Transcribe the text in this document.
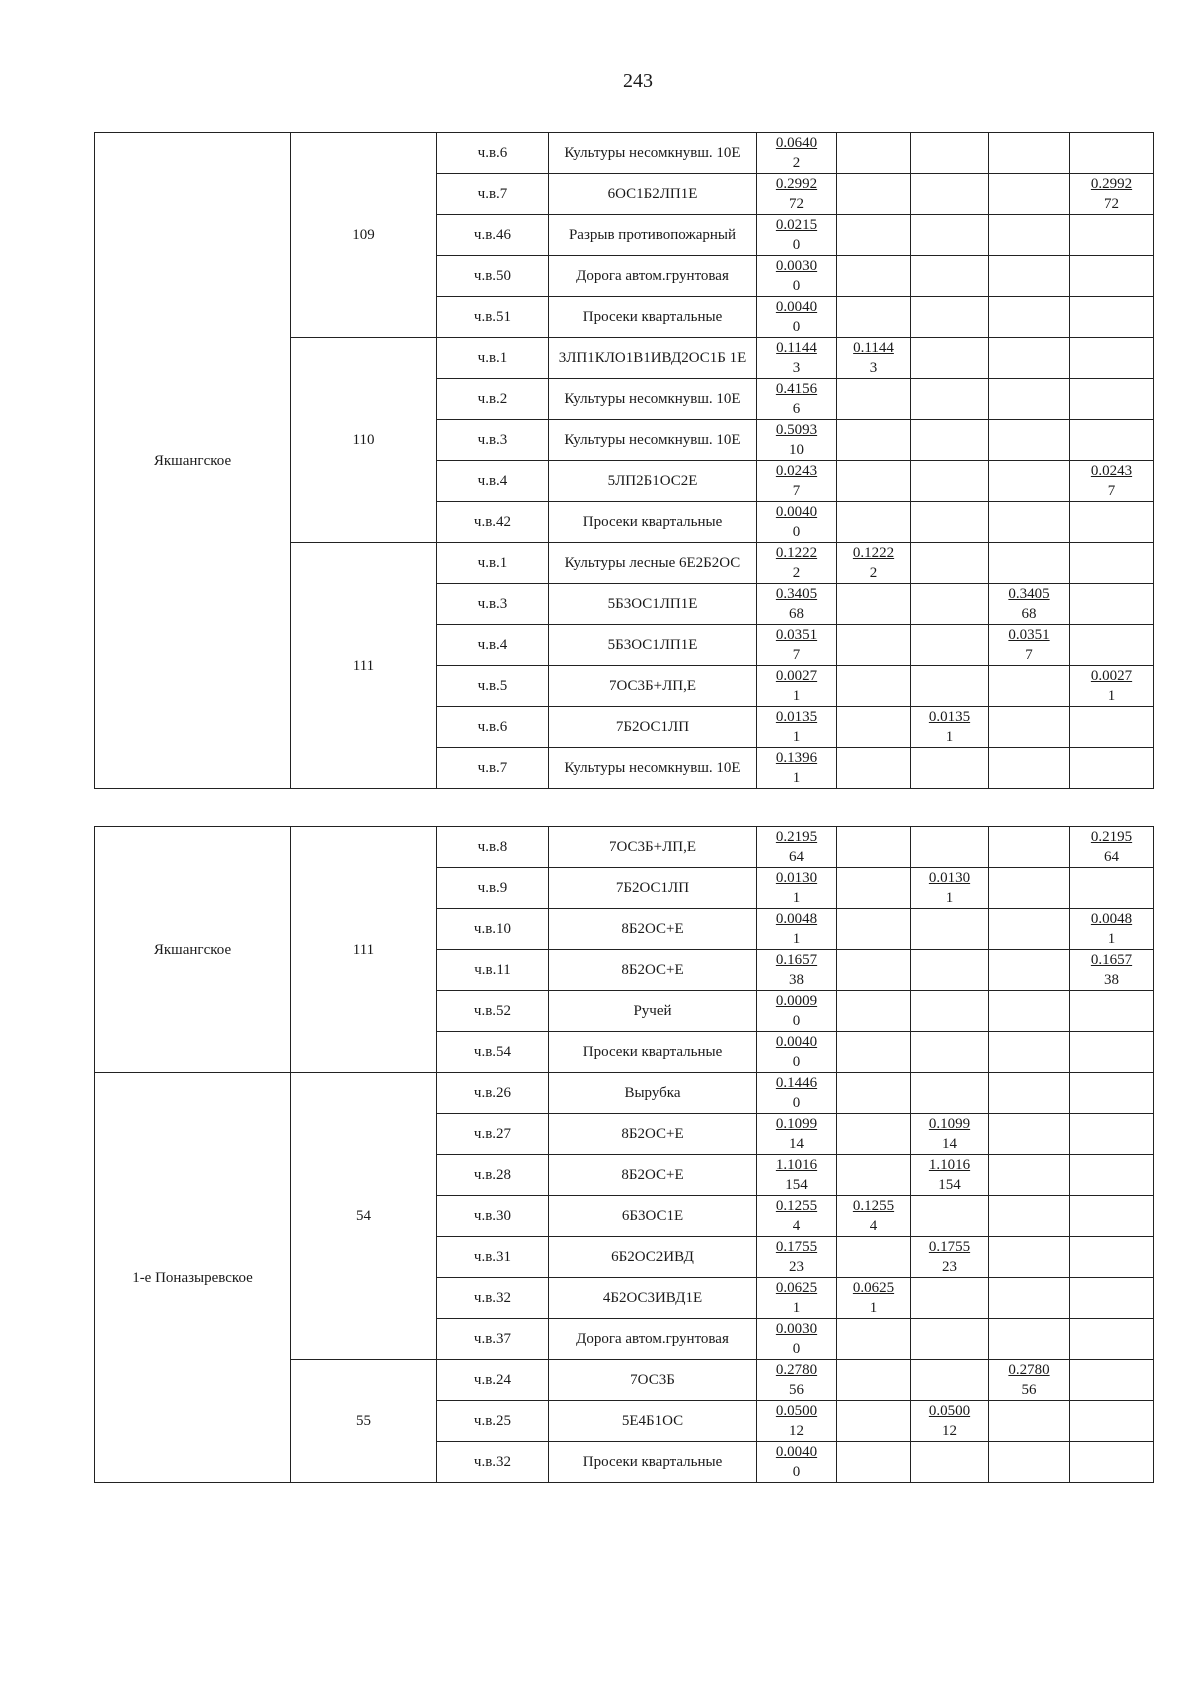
243
Якшангское	109	ч.в.6	Культуры несомкнувш. 10Е	$\frac{0.0640}{2}$

		ч.в.7	6ОС1Б2ЛП1Е	$\frac{0.2992}{72}$				$\frac{0.2992}{72}$

		ч.в.46	Разрыв противопожарный	$\frac{0.0215}{0}$

		ч.в.50	Дорога автом.грунтовая	$\frac{0.0030}{0}$

		ч.в.51	Просеки квартальные	$\frac{0.0040}{0}$

	110	ч.в.1	3ЛП1КЛО1В1ИВД2ОС1Б 1Е	$\frac{0.1144}{3}$	$\frac{0.1144}{3}$

		ч.в.2	Культуры несомкнувш. 10Е	$\frac{0.4156}{6}$

		ч.в.3	Культуры несомкнувш. 10Е	$\frac{0.5093}{10}$

		ч.в.4	5ЛП2Б1ОС2Е	$\frac{0.0243}{7}$				$\frac{0.0243}{7}$

		ч.в.42	Просеки квартальные	$\frac{0.0040}{0}$

	111	ч.в.1	Культуры лесные 6Е2Б2ОС	$\frac{0.1222}{2}$	$\frac{0.1222}{2}$

		ч.в.3	5Б3ОС1ЛП1Е	$\frac{0.3405}{68}$			$\frac{0.3405}{68}$

		ч.в.4	5Б3ОС1ЛП1Е	$\frac{0.0351}{7}$			$\frac{0.0351}{7}$

		ч.в.5	7ОС3Б+ЛП,Е	$\frac{0.0027}{1}$				$\frac{0.0027}{1}$

		ч.в.6	7Б2ОС1ЛП	$\frac{0.0135}{1}$		$\frac{0.0135}{1}$

		ч.в.7	Культуры несомкнувш. 10Е	$\frac{0.1396}{1}$

Якшангское	111	ч.в.8	7ОС3Б+ЛП,Е	$\frac{0.2195}{64}$				$\frac{0.2195}{64}$

		ч.в.9	7Б2ОС1ЛП	$\frac{0.0130}{1}$		$\frac{0.0130}{1}$

		ч.в.10	8Б2ОС+Е	$\frac{0.0048}{1}$				$\frac{0.0048}{1}$

		ч.в.11	8Б2ОС+Е	$\frac{0.1657}{38}$				$\frac{0.1657}{38}$

		ч.в.52	Ручей	$\frac{0.0009}{0}$

		ч.в.54	Просеки квартальные	$\frac{0.0040}{0}$

1-е Поназыревское	54	ч.в.26	Вырубка	$\frac{0.1446}{0}$

		ч.в.27	8Б2ОС+Е	$\frac{0.1099}{14}$		$\frac{0.1099}{14}$

		ч.в.28	8Б2ОС+Е	$\frac{1.1016}{154}$		$\frac{1.1016}{154}$

		ч.в.30	6Б3ОС1Е	$\frac{0.1255}{4}$	$\frac{0.1255}{4}$

		ч.в.31	6Б2ОС2ИВД	$\frac{0.1755}{23}$		$\frac{0.1755}{23}$

		ч.в.32	4Б2ОС3ИВД1Е	$\frac{0.0625}{1}$	$\frac{0.0625}{1}$

		ч.в.37	Дорога автом.грунтовая	$\frac{0.0030}{0}$

	55	ч.в.24	7ОС3Б	$\frac{0.2780}{56}$			$\frac{0.2780}{56}$

		ч.в.25	5Е4Б1ОС	$\frac{0.0500}{12}$		$\frac{0.0500}{12}$

		ч.в.32	Просеки квартальные	$\frac{0.0040}{0}$
